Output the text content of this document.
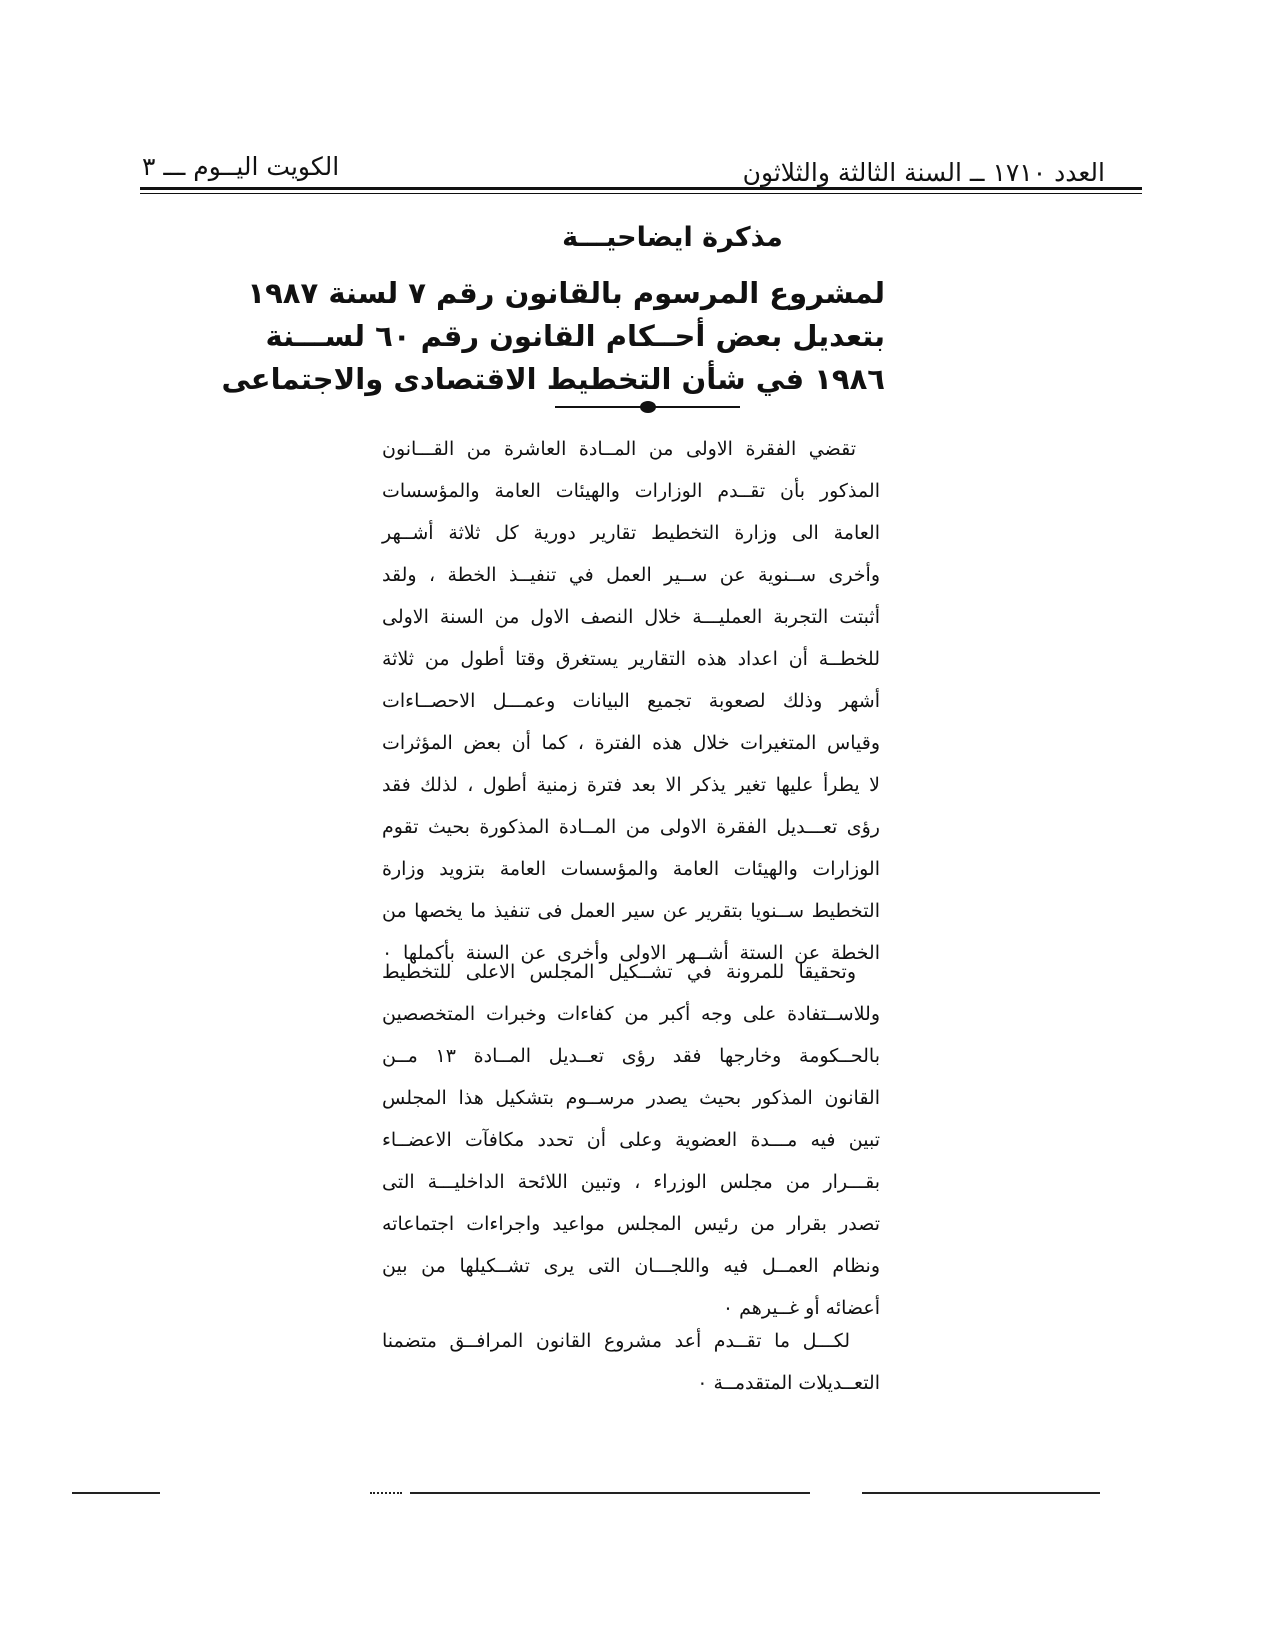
العدد ١٧١٠ ــ السنة الثالثة والثلاثون
الكويت اليــوم ـــ ٣
مذكرة ايضاحيـــة
لمشروع المرسوم بالقانون رقم ٧ لسنة ١٩٨٧
بتعديل بعض أحــكام القانون رقم ٦٠ لســـنة
١٩٨٦ في شأن التخطيط الاقتصادى والاجتماعى
تقضي الفقرة الاولى من المــادة العاشرة من القـــانون
المذكور بأن تقــدم الوزارات والهيئات العامة والمؤسسات
العامة الى وزارة التخطيط تقارير دورية كل ثلاثة أشــهر
وأخرى ســنوية عن ســير العمل في تنفيــذ الخطة ، ولقد
أثبتت التجربة العمليـــة خلال النصف الاول من السنة الاولى
للخطــة أن اعداد هذه التقارير يستغرق وقتا أطول من ثلاثة
أشهر وذلك لصعوبة تجميع البيانات وعمـــل الاحصــاءات
وقياس المتغيرات خلال هذه الفترة ، كما أن بعض المؤثرات
لا يطرأ عليها تغير يذكر الا بعد فترة زمنية أطول ، لذلك فقد
رؤى تعـــديل الفقرة الاولى من المــادة المذكورة بحيث تقوم
الوزارات والهيئات العامة والمؤسسات العامة بتزويد وزارة
التخطيط ســنويا بتقرير عن سير العمل فى تنفيذ ما يخصها من
الخطة عن الستة أشــهر الاولى وأخرى عن السنة بأكملها ٠
وتحقيقا للمرونة في تشــكيل المجلس الاعلى للتخطيط
وللاســتفادة على وجه أكبر من كفاءات وخبرات المتخصصين
بالحــكومة وخارجها فقد رؤى تعــديل المــادة ١٣ مــن
القانون المذكور بحيث يصدر مرســوم بتشكيل هذا المجلس
تبين فيه مـــدة العضوية وعلى أن تحدد مكافآت الاعضــاء
بقـــرار من مجلس الوزراء ، وتبين اللائحة الداخليـــة التى
تصدر بقرار من رئيس المجلس مواعيد واجراءات اجتماعاته
ونظام العمــل فيه واللجـــان التى يرى تشــكيلها من بين
أعضائه أو غــيرهم ٠
لكـــل ما تقــدم أعد مشروع القانون المرافــق متضمنا
التعــديلات المتقدمــة ٠
